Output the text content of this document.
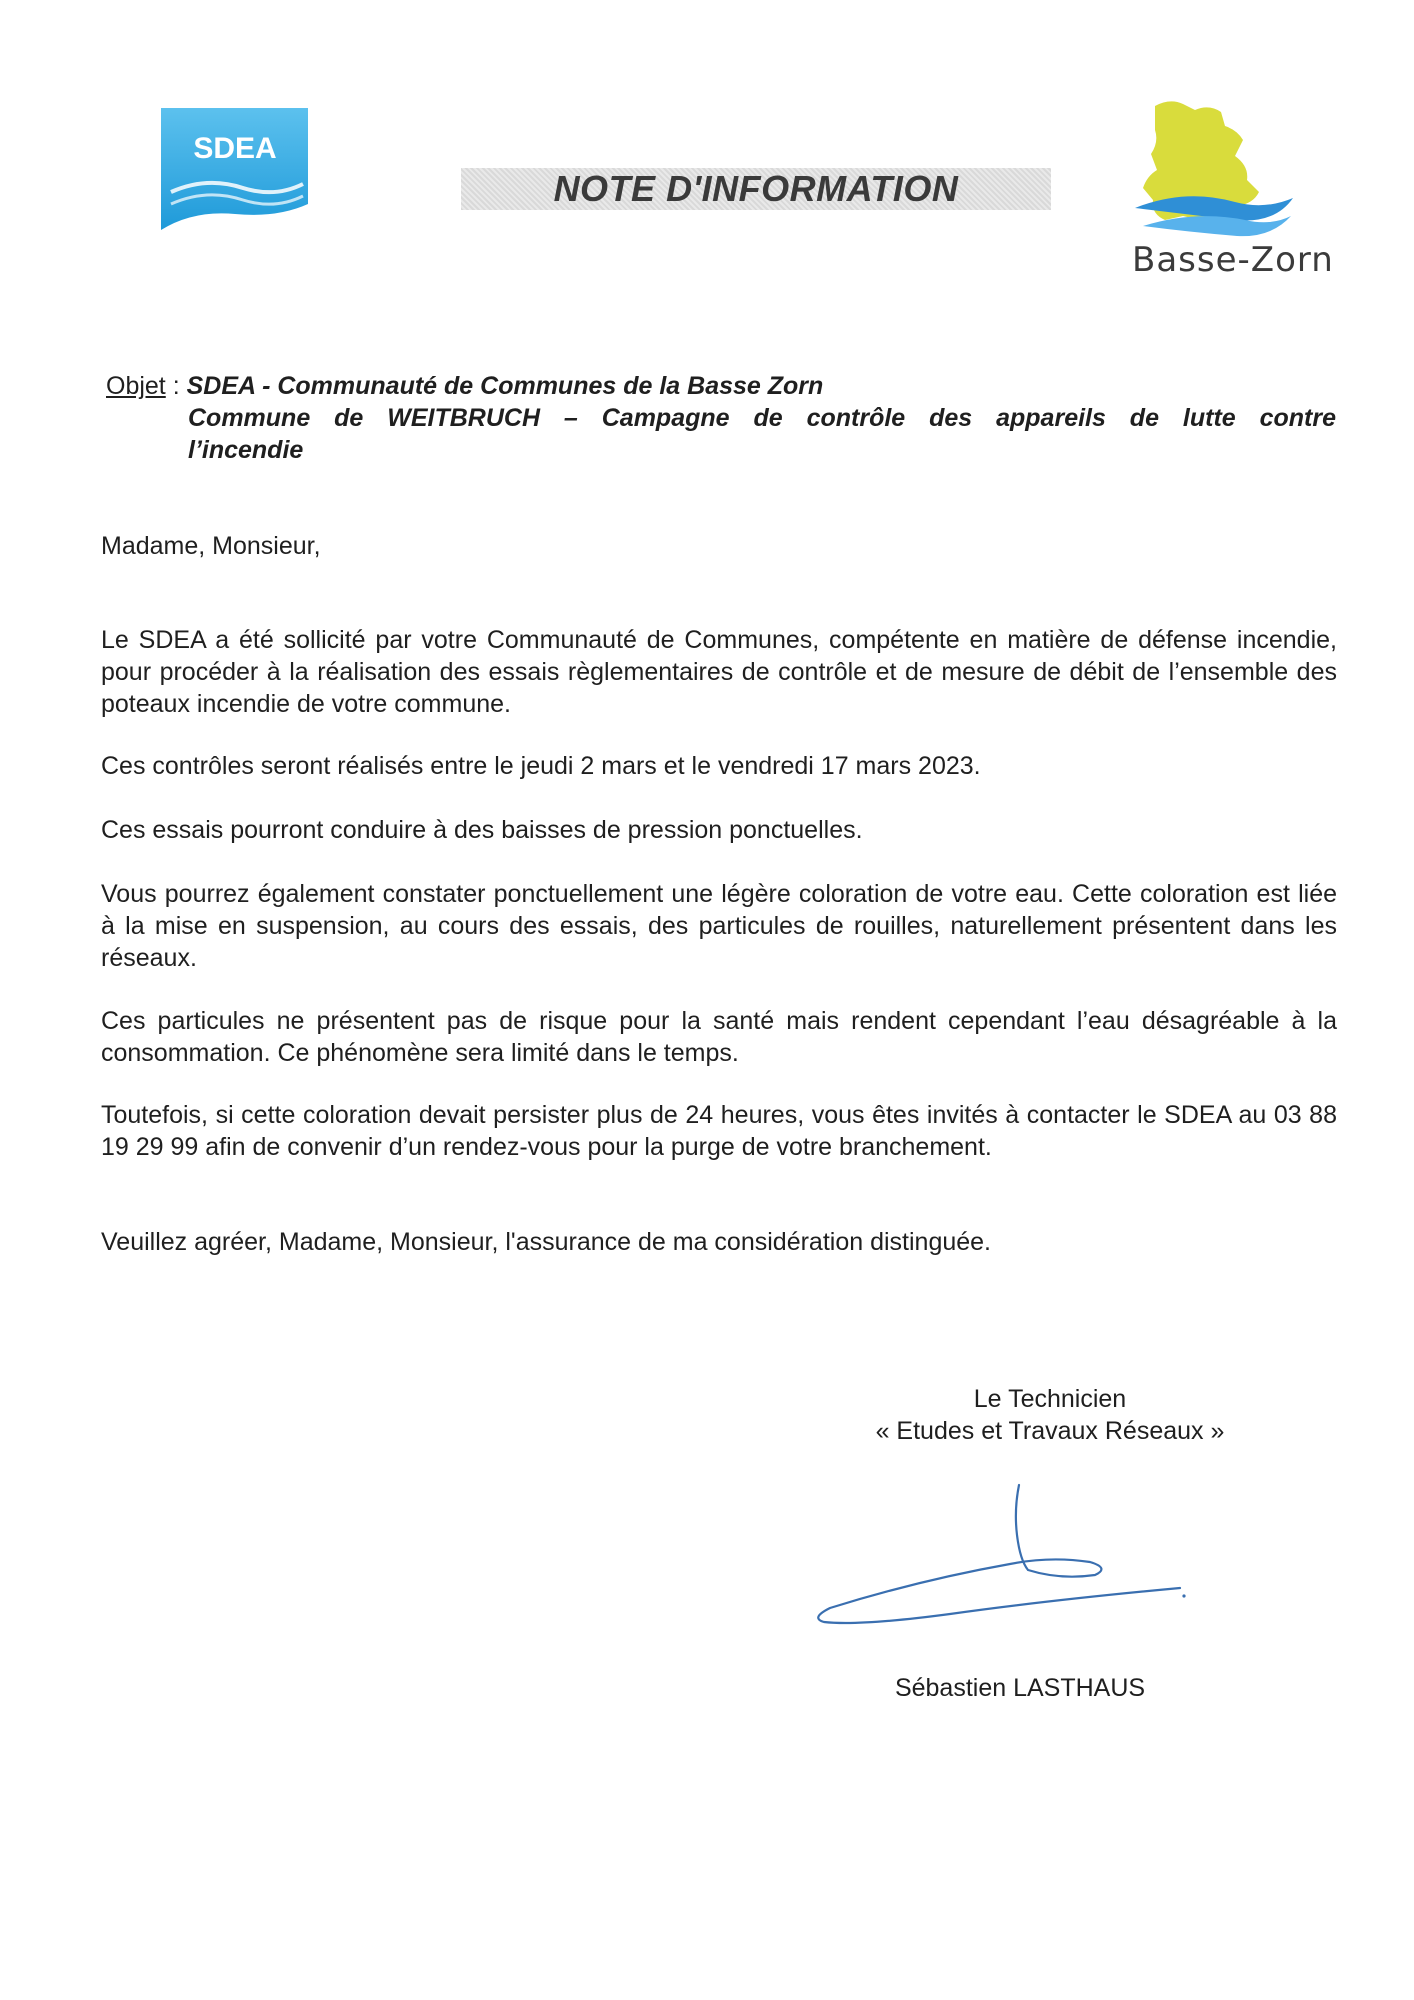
SDEA
NOTE D'INFORMATION
Basse-Zorn
Objet : SDEA - Communauté de Communes de la Basse Zorn
Commune de WEITBRUCH – Campagne de contrôle des appareils de lutte contre
l’incendie
Madame, Monsieur,
Le SDEA a été sollicité par votre Communauté de Communes, compétente en matière de défense incendie, pour procéder à la réalisation des essais règlementaires de contrôle et de mesure de débit de l’ensemble des poteaux incendie de votre commune.
Ces contrôles seront réalisés entre le jeudi 2 mars et le vendredi 17 mars 2023.
Ces essais pourront conduire à des baisses de pression ponctuelles.
Vous pourrez également constater ponctuellement une légère coloration de votre eau. Cette coloration est liée à la mise en suspension, au cours des essais, des particules de rouilles, naturellement présentent dans les réseaux.
Ces particules ne présentent pas de risque pour la santé mais rendent cependant l’eau désagréable à la consommation. Ce phénomène sera limité dans le temps.
Toutefois, si cette coloration devait persister plus de 24 heures, vous êtes invités à contacter le SDEA au 03 88 19 29 99 afin de convenir d’un rendez-vous pour la purge de votre branchement.
Veuillez agréer, Madame, Monsieur, l'assurance de ma considération distinguée.
Le Technicien
« Etudes et Travaux Réseaux »
Sébastien LASTHAUS
